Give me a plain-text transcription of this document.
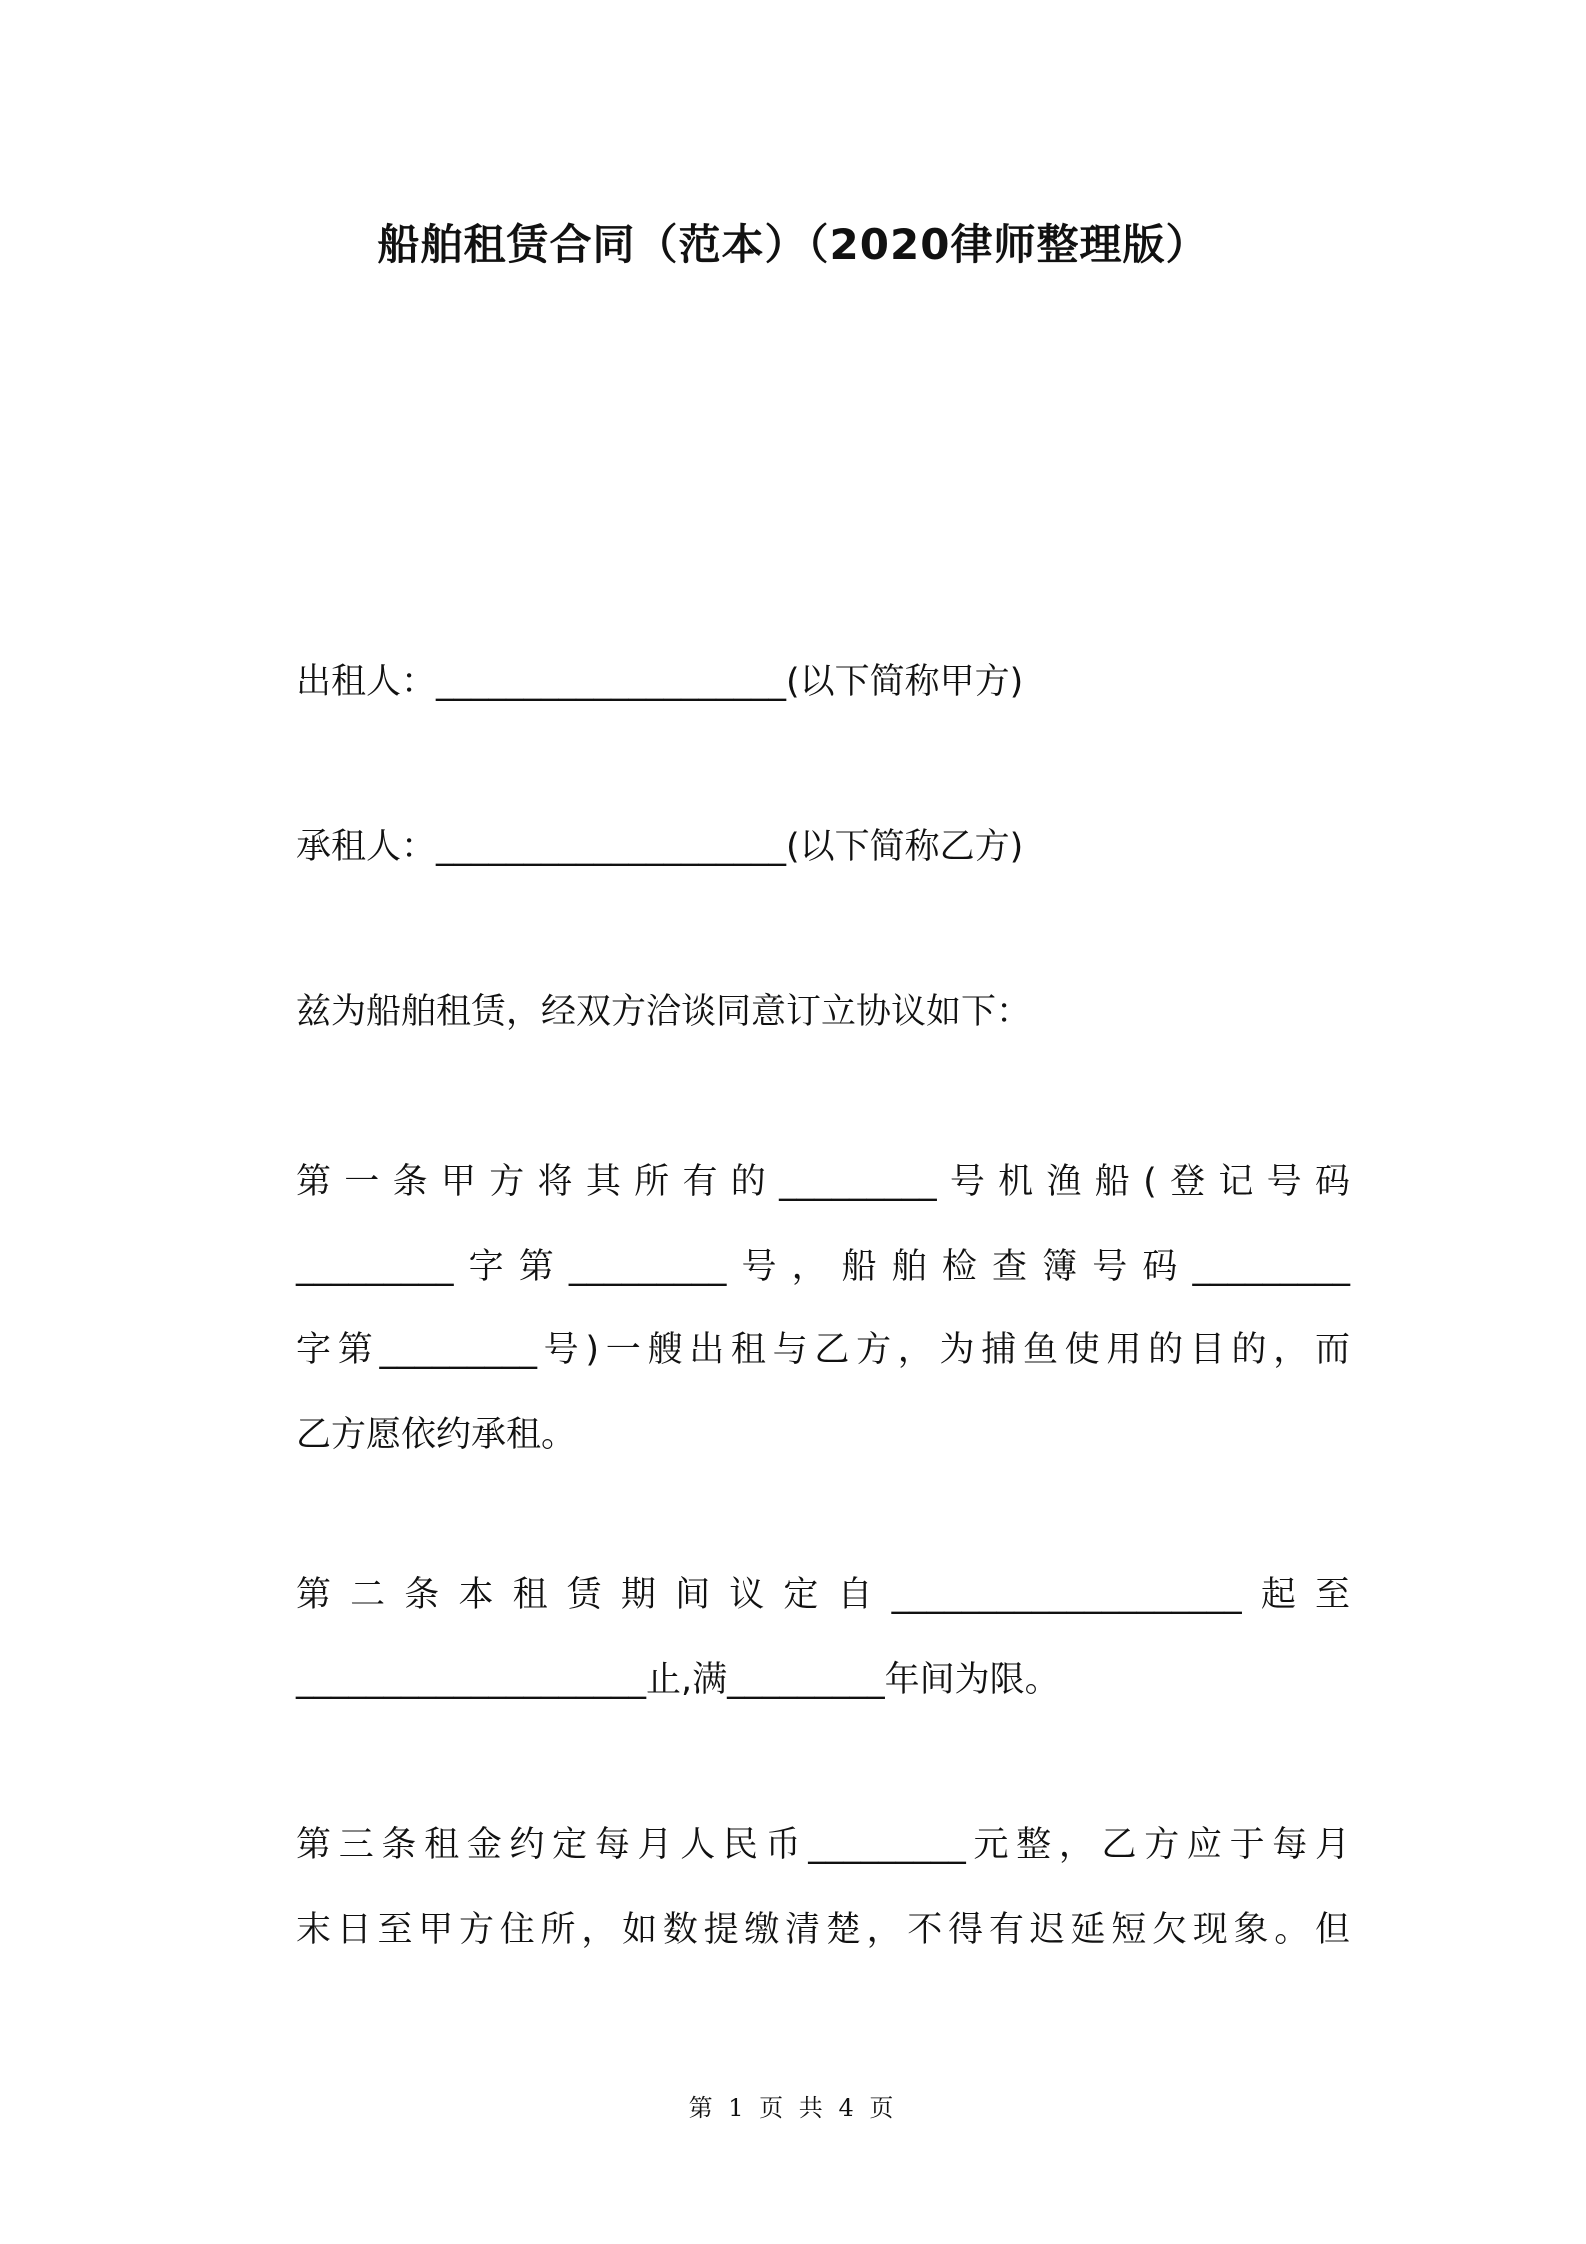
船舶租赁合同（范本）（2020律师整理版）
出租人：____________________(以下简称甲方)
承租人：____________________(以下简称乙方)
兹为船舶租赁，经双方洽谈同意订立协议如下：
第一条甲方将其所有的_________号机渔船(登记号码
_________字第_________号，船舶检查簿号码_________
字第_________号)一艘出租与乙方，为捕鱼使用的目的，而
乙方愿依约承租。
第二条本租赁期间议定自____________________起至
____________________止,满_________年间为限。
第三条租金约定每月人民币_________元整，乙方应于每月
末日至甲方住所，如数提缴清楚，不得有迟延短欠现象。但
第 1 页 共 4 页
